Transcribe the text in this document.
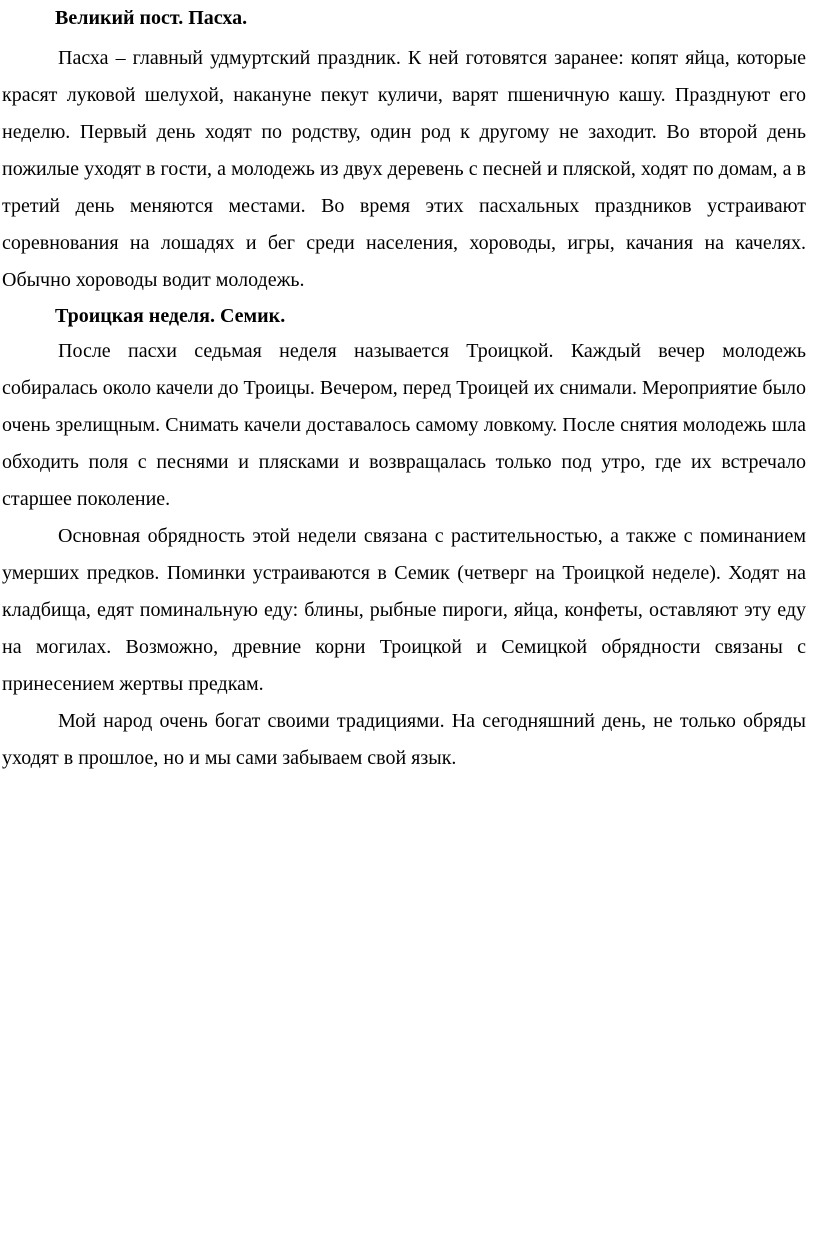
Великий пост. Пасха.

Пасха – главный удмуртский праздник. К ней готовятся заранее: копят яйца, которые красят луковой шелухой, накануне пекут куличи, варят пшеничную кашу. Празднуют его неделю. Первый день ходят по родству, один род к другому не заходит. Во второй день пожилые уходят в гости, а молодежь из двух деревень с песней и пляской, ходят по домам, а в третий день меняются местами. Во время этих пасхальных праздников устраивают соревнования на лошадях и бег среди населения, хороводы, игры, качания на качелях. Обычно хороводы водит молодежь.

Троицкая неделя. Семик.

После пасхи седьмая неделя называется Троицкой. Каждый вечер молодежь собиралась около качели до Троицы. Вечером, перед Троицей их снимали. Мероприятие было очень зрелищным. Снимать качели доставалось самому ловкому. После снятия молодежь шла обходить поля с песнями и плясками и возвращалась только под утро, где их встречало старшее поколение.

Основная обрядность этой недели связана с растительностью, а также с поминанием умерших предков. Поминки устраиваются в Семик (четверг на Троицкой неделе). Ходят на кладбища, едят поминальную еду: блины, рыбные пироги, яйца, конфеты, оставляют эту еду на могилах. Возможно, древние корни Троицкой и Семицкой обрядности связаны с принесением жертвы предкам.

Мой народ очень богат своими традициями. На сегодняшний день, не только обряды уходят в прошлое, но и мы сами забываем свой язык.
